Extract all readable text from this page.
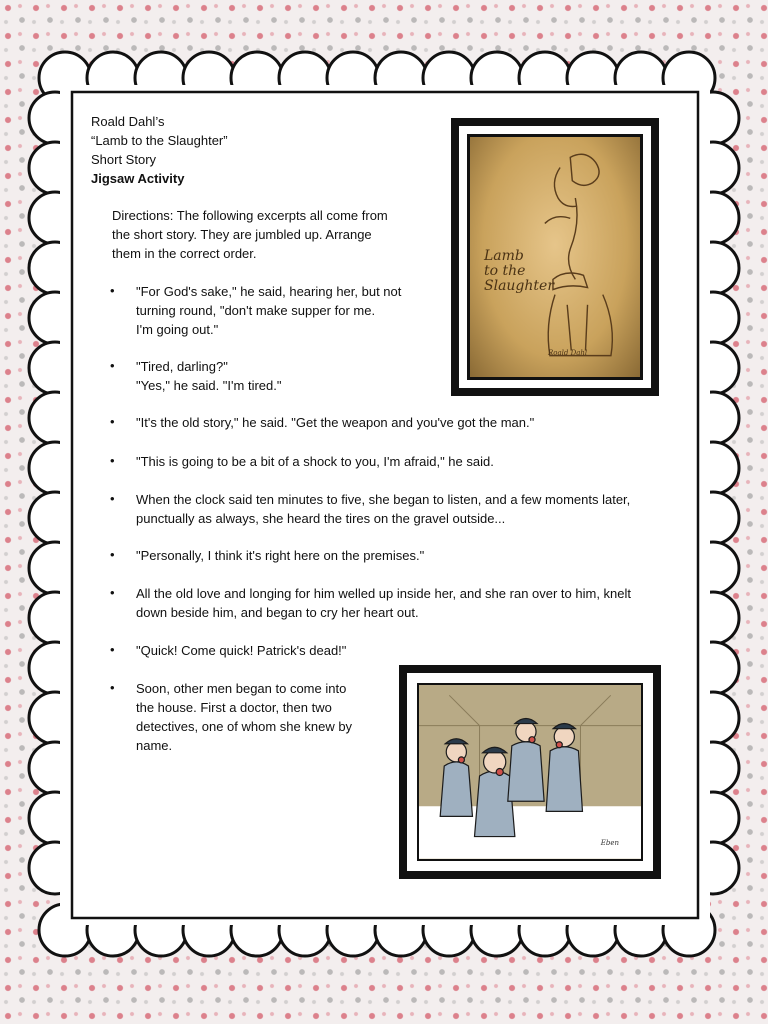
Roald Dahl’s
“Lamb to the Slaughter”
Short Story
Jigsaw Activity
Directions: The following excerpts all come from
the short story. They are jumbled up. Arrange
them in the correct order.
• "For God's sake," he said, hearing her, but not
turning round, "don't make supper for me.
I'm going out."
• "Tired, darling?"
"Yes," he said. "I'm tired."
• "It's the old story," he said. "Get the weapon and you've got the man."
• "This is going to be a bit of a shock to you, I'm afraid," he said.
• When the clock said ten minutes to five, she began to listen, and a few moments later,
punctually as always, she heard the tires on the gravel outside...
• "Personally, I think it's right here on the premises."
• All the old love and longing for him welled up inside her, and she ran over to him, knelt
down beside him, and began to cry her heart out.
• "Quick! Come quick! Patrick's dead!"
• Soon, other men began to come into
the house. First a doctor, then two
detectives, one of whom she knew by
name.
Lamb to the Slaughter
Roald Dahl
Eben
